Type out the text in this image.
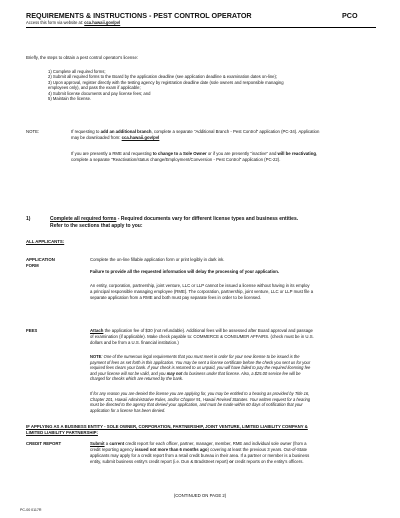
REQUIREMENTS & INSTRUCTIONS - PEST CONTROL OPERATOR	PCO
Access this form via website at: cca.hawaii.gov/pvl
Briefly, the steps to obtain a pest control operator's license:
1) Complete all required forms;
2) Submit all required forms to the Board by the application deadline (see application deadline & examination dates on-line);
3) Upon approval, register directly with the testing agency by registration deadline date (sole owners and responsible managing
employees only), and pass the exam if applicable;
4) Submit license documents and pay license fees; and
5) Maintain the license.
NOTE:	If requesting to add an additional branch, complete a separate "Additional Branch - Pest Control" application (PC-34). Application
may be downloaded from: cca.hawaii.gov/pvl
If you are presently a RME and requesting to change to a Sole Owner or if you are presently "inactive" and will be reactivating,
complete a separate "Reactivation/status change/Employment/Conversion - Pest Control" application (PC-22).
1)	Complete all required forms - Required documents vary for different license types and business entities.
Refer to the sections that apply to you:
ALL APPLICANTS:
APPLICATION
FORM
Complete the on-line fillable application form or print legibly in dark ink.
Failure to provide all the requested information will delay the processing of your application.
An entity, corporation, partnership, joint venture, LLC or LLP cannot be issued a license without having in its employ
a principal responsible managing employee (RME). The corporation, partnership, joint venture, LLC or LLP must file a
separate application from a RME and both must pay separate fees in order to be licensed.
FEES	Attach the application fee of $30 (not refundable). Additional fees will be assessed after Board approval and passage
of examination (if applicable). Make check payable to: COMMERCE & CONSUMER AFFAIRS. (check must be in U.S.
dollars and be from a U.S. financial institution.)
NOTE: One of the numerous legal requirements that you must meet in order for your new license to be issued is the
payment of fees as set forth in this application. You may be sent a license certificate before the check you sent us for your
required fees clears your bank. If your check is returned to us unpaid, you will have failed to pay the required licensing fee
and your license will not be valid, and you may not do business under that license. Also, a $25.00 service fee will be
charged for checks which are returned by the bank.
If for any reason you are denied the license you are applying for, you may be entitled to a hearing as provided by Title 16,
Chapter 201, Hawaii Administrative Rules, and/or Chapter 91, Hawaii Revised Statutes. Your written request for a hearing
must be directed to the agency that denied your application, and must be made within 60 days of notification that your
application for a license has been denied.
IF APPLYING AS A BUSINESS ENTITY - SOLE OWNER, CORPORATION, PARTNERSHIP, JOINT VENTURE, LIMITED LIABILITY COMPANY &
LIMITED LIABILITY PARTNERSHIP:
CREDIT REPORT	Submit a current credit report for each officer, partner, manager, member, RME and individual sole owner (from a
credit reporting agency issued not more than 6 months ago) covering at least the previous 3 years. Out-of-State
applicants may apply for a credit report from a retail credit bureau in their area. If a partner or member is a business
entity, submit business entity's credit report (i.e. Dun & Bradstreet report) or credit reports on the entity's officers.
(CONTINUED ON PAGE 2)
PC-00 0117R
